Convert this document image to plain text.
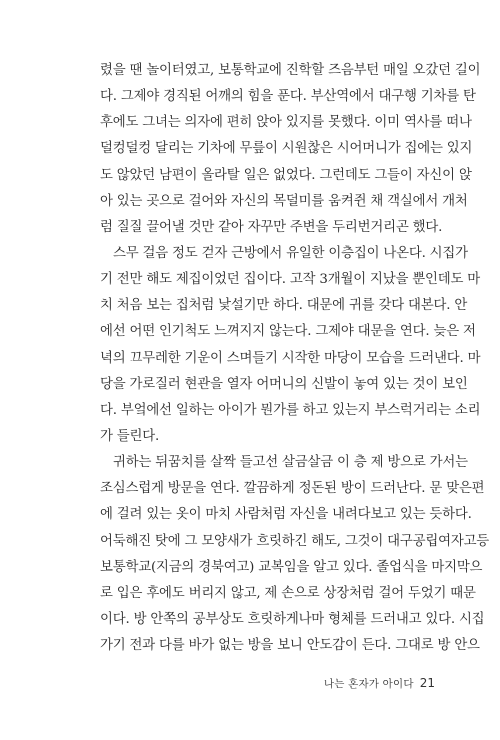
렸을 땐 놀이터였고, 보통학교에 진학할 즈음부턴 매일 오갔던 길이
다. 그제야 경직된 어깨의 힘을 푼다. 부산역에서 대구행 기차를 탄
후에도 그녀는 의자에 편히 앉아 있지를 못했다. 이미 역사를 떠나
덜컹덜컹 달리는 기차에 무릎이 시원찮은 시어머니가 집에는 있지
도 않았던 남편이 올라탈 일은 없었다. 그런데도 그들이 자신이 앉
아 있는 곳으로 걸어와 자신의 목덜미를 움켜쥔 채 객실에서 개처
럼 질질 끌어낼 것만 같아 자꾸만 주변을 두리번거리곤 했다.
스무 걸음 정도 걷자 근방에서 유일한 이층집이 나온다. 시집가
기 전만 해도 제집이었던 집이다. 고작 3개월이 지났을 뿐인데도 마
치 처음 보는 집처럼 낯설기만 하다. 대문에 귀를 갖다 대본다. 안
에선 어떤 인기척도 느껴지지 않는다. 그제야 대문을 연다. 늦은 저
녁의 끄무레한 기운이 스며들기 시작한 마당이 모습을 드러낸다. 마
당을 가로질러 현관을 열자 어머니의 신발이 놓여 있는 것이 보인
다. 부엌에선 일하는 아이가 뭔가를 하고 있는지 부스럭거리는 소리
가 들린다.
귀하는 뒤꿈치를 살짝 들고선 살금살금 이 층 제 방으로 가서는
조심스럽게 방문을 연다. 깔끔하게 정돈된 방이 드러난다. 문 맞은편
에 걸려 있는 옷이 마치 사람처럼 자신을 내려다보고 있는 듯하다.
어둑해진 탓에 그 모양새가 흐릿하긴 해도, 그것이 대구공립여자고등
보통학교(지금의 경북여고) 교복임을 알고 있다. 졸업식을 마지막으
로 입은 후에도 버리지 않고, 제 손으로 상장처럼 걸어 두었기 때문
이다. 방 안쪽의 공부상도 흐릿하게나마 형체를 드러내고 있다. 시집
가기 전과 다를 바가 없는 방을 보니 안도감이 든다. 그대로 방 안으
나는 혼자가 아이다 21
